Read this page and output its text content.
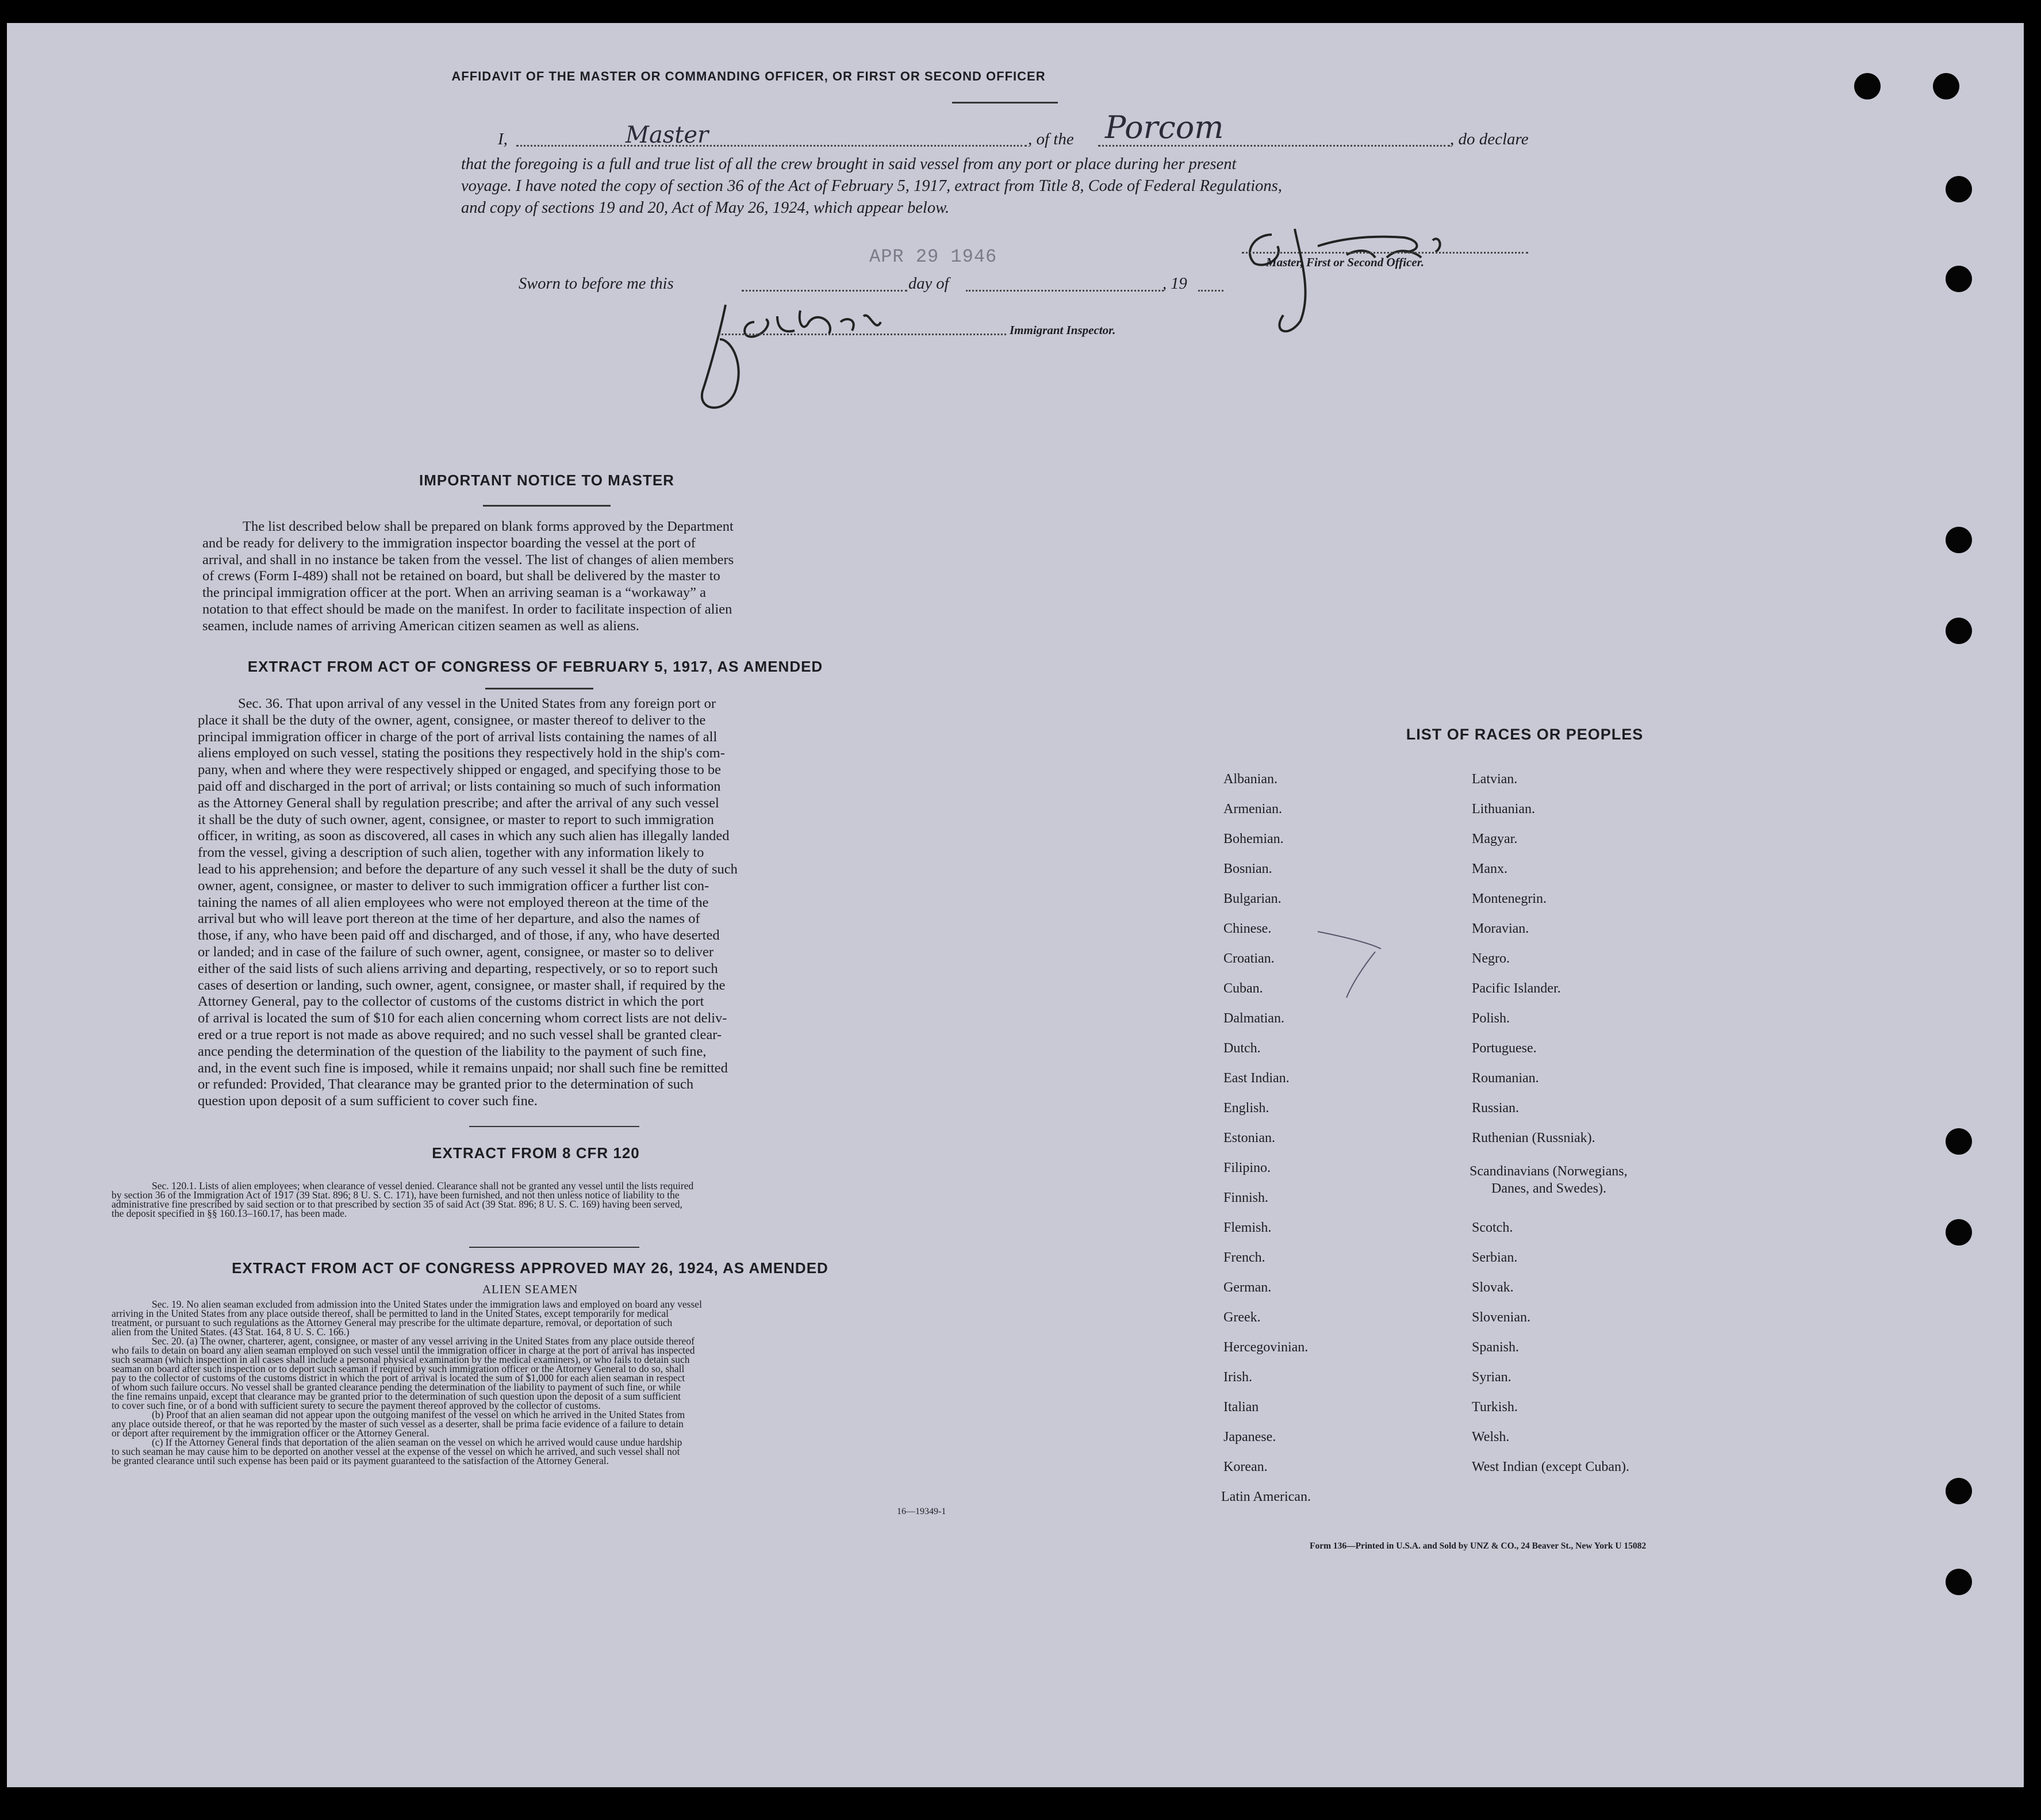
AFFIDAVIT OF THE MASTER OR COMMANDING OFFICER, OR FIRST OR SECOND OFFICER
I,	Master	, of the Porcom	, do declare
that the foregoing is a full and true list of all the crew brought in said vessel from any port or place during her present
voyage. I have noted the copy of section 36 of the Act of February 5, 1917, extract from Title 8, Code of Federal Regulations,
and copy of sections 19 and 20, Act of May 26, 1924, which appear below.
Master, First or Second Officer.
Sworn to before me this
APR 29 1946
day of	, 19
Immigrant Inspector.
IMPORTANT NOTICE TO MASTER
The list described below shall be prepared on blank forms approved by the Department
and be ready for delivery to the immigration inspector boarding the vessel at the port of
arrival, and shall in no instance be taken from the vessel. The list of changes of alien members
of crews (Form I-489) shall not be retained on board, but shall be delivered by the master to
the principal immigration officer at the port. When an arriving seaman is a “workaway” a
notation to that effect should be made on the manifest. In order to facilitate inspection of alien
seamen, include names of arriving American citizen seamen as well as aliens.
EXTRACT FROM ACT OF CONGRESS OF FEBRUARY 5, 1917, AS AMENDED
Sec. 36. That upon arrival of any vessel in the United States from any foreign port or
place it shall be the duty of the owner, agent, consignee, or master thereof to deliver to the
principal immigration officer in charge of the port of arrival lists containing the names of all
aliens employed on such vessel, stating the positions they respectively hold in the ship's com-
pany, when and where they were respectively shipped or engaged, and specifying those to be
paid off and discharged in the port of arrival; or lists containing so much of such information
as the Attorney General shall by regulation prescribe; and after the arrival of any such vessel
it shall be the duty of such owner, agent, consignee, or master to report to such immigration
officer, in writing, as soon as discovered, all cases in which any such alien has illegally landed
from the vessel, giving a description of such alien, together with any information likely to
lead to his apprehension; and before the departure of any such vessel it shall be the duty of such
owner, agent, consignee, or master to deliver to such immigration officer a further list con-
taining the names of all alien employees who were not employed thereon at the time of the
arrival but who will leave port thereon at the time of her departure, and also the names of
those, if any, who have been paid off and discharged, and of those, if any, who have deserted
or landed; and in case of the failure of such owner, agent, consignee, or master so to deliver
either of the said lists of such aliens arriving and departing, respectively, or so to report such
cases of desertion or landing, such owner, agent, consignee, or master shall, if required by the
Attorney General, pay to the collector of customs of the customs district in which the port
of arrival is located the sum of $10 for each alien concerning whom correct lists are not deliv-
ered or a true report is not made as above required; and no such vessel shall be granted clear-
ance pending the determination of the question of the liability to the payment of such fine,
and, in the event such fine is imposed, while it remains unpaid; nor shall such fine be remitted
or refunded: Provided, That clearance may be granted prior to the determination of such
question upon deposit of a sum sufficient to cover such fine.
EXTRACT FROM 8 CFR 120
Sec. 120.1⁠. Lists of alien employees; when clearance of vessel denied. Clearance shall not be granted any vessel until the lists required
by section 36 of the Immigration Act of 1917 (39 Stat. 896; 8 U. S. C. 171), have been furnished, and not then unless notice of liability to the
administrative fine prescribed by said section or to that prescribed by section 35 of said Act (39 Stat. 896; 8 U. S. C. 169) having been served,
the deposit specified in §§ 160.13–160.17, has been made.
EXTRACT FROM ACT OF CONGRESS APPROVED MAY 26, 1924, AS AMENDED
ALIEN SEAMEN
Sec. 19. No alien seaman excluded from admission into the United States under the immigration laws and employed on board any vessel
arriving in the United States from any place outside thereof, shall be permitted to land in the United States, except temporarily for medical
treatment, or pursuant to such regulations as the Attorney General may prescribe for the ultimate departure, removal, or deportation of such
alien from the United States. (43 Stat. 164, 8 U. S. C. 166.)
Sec. 20. (a) The owner, charterer, agent, consignee, or master of any vessel arriving in the United States from any place outside thereof
who fails to detain on board any alien seaman employed on such vessel until the immigration officer in charge at the port of arrival has inspected
such seaman (which inspection in all cases shall include a personal physical examination by the medical examiners), or who fails to detain such
seaman on board after such inspection or to deport such seaman if required by such immigration officer or the Attorney General to do so, shall
pay to the collector of customs of the customs district in which the port of arrival is located the sum of $1,000 for each alien seaman in respect
of whom such failure occurs. No vessel shall be granted clearance pending the determination of the liability to payment of such fine, or while
the fine remains unpaid, except that clearance may be granted prior to the determination of such question upon the deposit of a sum sufficient
to cover such fine, or of a bond with sufficient surety to secure the payment thereof approved by the collector of customs.
(b) Proof that an alien seaman did not appear upon the outgoing manifest of the vessel on which he arrived in the United States from
any place outside thereof, or that he was reported by the master of such vessel as a deserter, shall be prima facie evidence of a failure to detain
or deport after requirement by the immigration officer or the Attorney General.
(c) If the Attorney General finds that deportation of the alien seaman on the vessel on which he arrived would cause undue hardship
to such seaman he may cause him to be deported on another vessel at the expense of the vessel on which he arrived, and such vessel shall not
be granted clearance until such expense has been paid or its payment guaranteed to the satisfaction of the Attorney General.
16—19349-1
LIST OF RACES OR PEOPLES
Albanian.
Armenian.
Bohemian.
Bosnian.
Bulgarian.
Chinese.
Croatian.
Cuban.
Dalmatian.
Dutch.
East Indian.
English.
Estonian.
Filipino.
Finnish.
Flemish.
French.
German.
Greek.
Hercegovinian.
Irish.
Italian
Japanese.
Korean.
Latin American.
Latvian.
Lithuanian.
Magyar.
Manx.
Montenegrin.
Moravian.
Negro.
Pacific Islander.
Polish.
Portuguese.
Roumanian.
Russian.
Ruthenian (Russniak).
Scandinavians (Norwegians,
Danes, and Swedes).
Scotch.
Serbian.
Slovak.
Slovenian.
Spanish.
Syrian.
Turkish.
Welsh.
West Indian (except Cuban).
Form 136—Printed in U.S.A. and Sold by UNZ & CO., 24 Beaver St., New York U 15082
